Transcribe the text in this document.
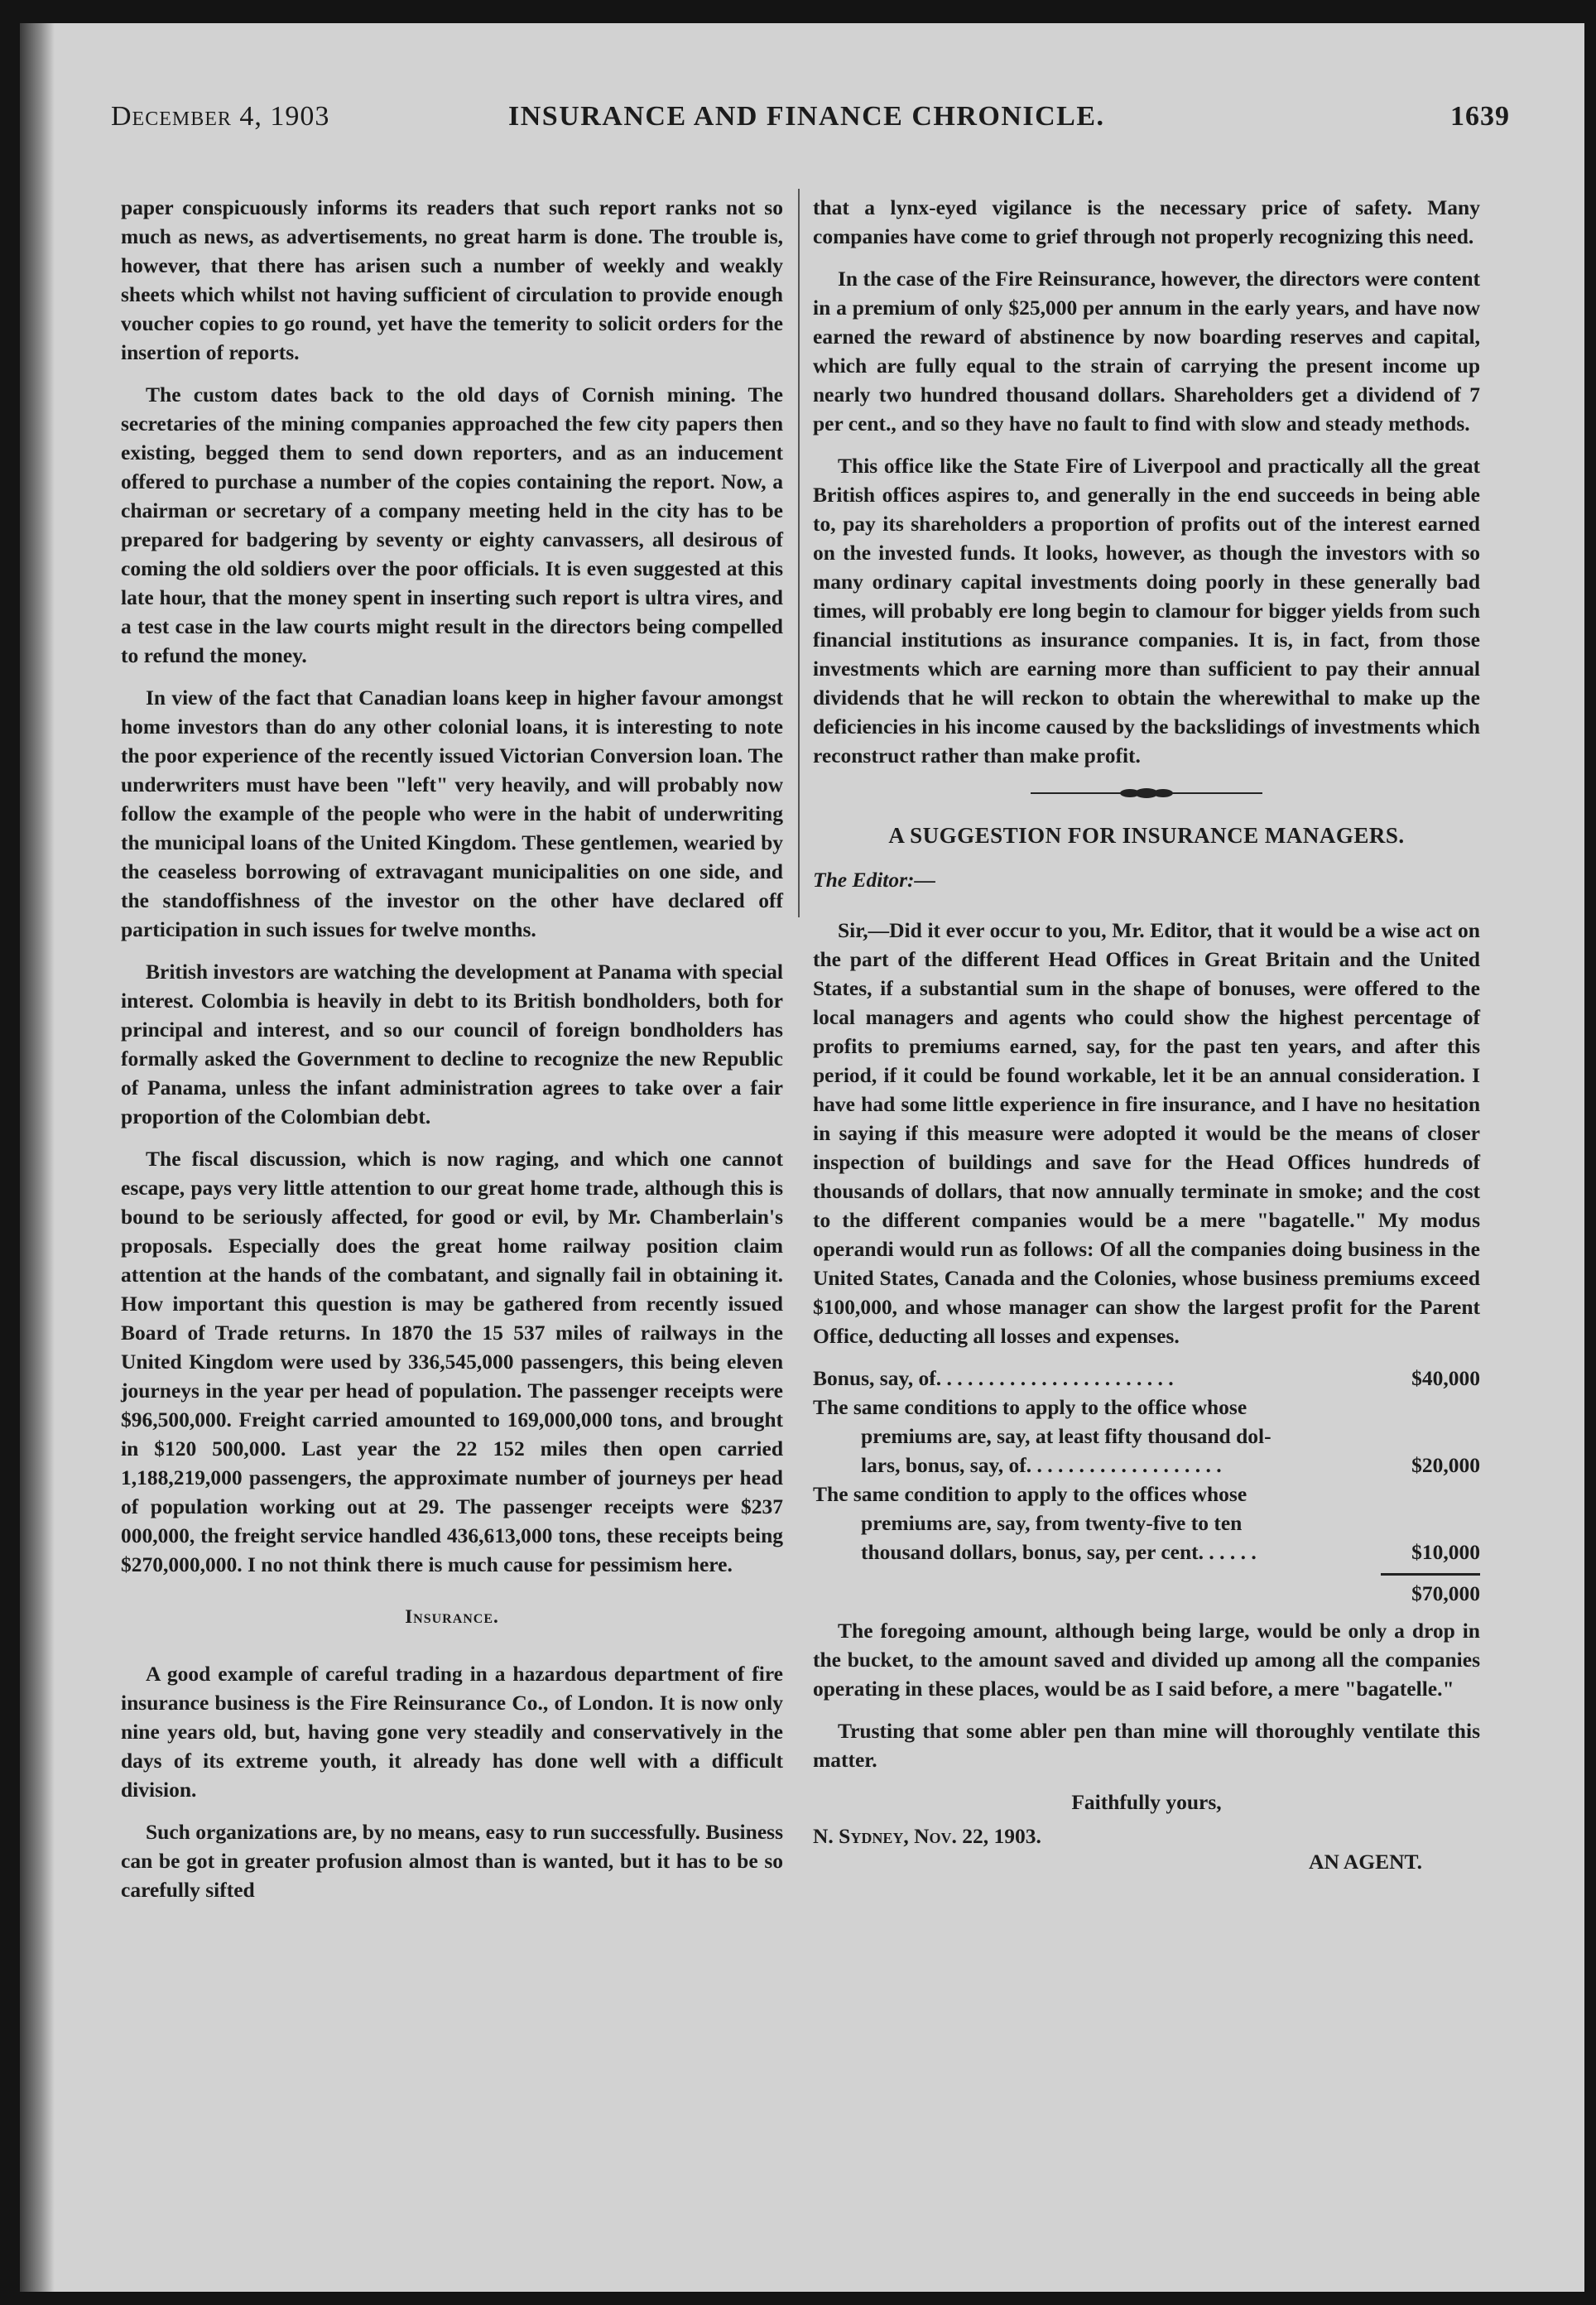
December 4, 1903	INSURANCE AND FINANCE CHRONICLE.	1639

paper conspicuously informs its readers that such report ranks not so much as news, as advertisements, no great harm is done. The trouble is, however, that there has arisen such a number of weekly and weakly sheets which whilst not having sufficient of circulation to provide enough voucher copies to go round, yet have the temerity to solicit orders for the insertion of reports.

The custom dates back to the old days of Cornish mining. The secretaries of the mining companies approached the few city papers then existing, begged them to send down reporters, and as an inducement offered to purchase a number of the copies containing the report. Now, a chairman or secretary of a company meeting held in the city has to be prepared for badgering by seventy or eighty canvassers, all desirous of coming the old soldiers over the poor officials. It is even suggested at this late hour, that the money spent in inserting such report is ultra vires, and a test case in the law courts might result in the directors being compelled to refund the money.

In view of the fact that Canadian loans keep in higher favour amongst home investors than do any other colonial loans, it is interesting to note the poor experience of the recently issued Victorian Conversion loan. The underwriters must have been "left" very heavily, and will probably now follow the example of the people who were in the habit of underwriting the municipal loans of the United Kingdom. These gentlemen, wearied by the ceaseless borrowing of extravagant municipalities on one side, and the standoffishness of the investor on the other have declared off participation in such issues for twelve months.

British investors are watching the development at Panama with special interest. Colombia is heavily in debt to its British bondholders, both for principal and interest, and so our council of foreign bondholders has formally asked the Government to decline to recognize the new Republic of Panama, unless the infant administration agrees to take over a fair proportion of the Colombian debt.

The fiscal discussion, which is now raging, and which one cannot escape, pays very little attention to our great home trade, although this is bound to be seriously affected, for good or evil, by Mr. Chamberlain's proposals. Especially does the great home railway position claim attention at the hands of the combatant, and signally fail in obtaining it. How important this question is may be gathered from recently issued Board of Trade returns. In 1870 the 15 537 miles of railways in the United Kingdom were used by 336,545,000 passengers, this being eleven journeys in the year per head of population. The passenger receipts were $96,500,000. Freight carried amounted to 169,000,000 tons, and brought in $120 500,000. Last year the 22 152 miles then open carried 1,188,219,000 passengers, the approximate number of journeys per head of population working out at 29. The passenger receipts were $237 000,000, the freight service handled 436,613,000 tons, these receipts being $270,000,000. I no not think there is much cause for pessimism here.

Insurance.

A good example of careful trading in a hazardous department of fire insurance business is the Fire Reinsurance Co., of London. It is now only nine years old, but, having gone very steadily and conservatively in the days of its extreme youth, it already has done well with a difficult division.

Such organizations are, by no means, easy to run successfully. Business can be got in greater profusion almost than is wanted, but it has to be so carefully sifted

that a lynx-eyed vigilance is the necessary price of safety. Many companies have come to grief through not properly recognizing this need.

In the case of the Fire Reinsurance, however, the directors were content in a premium of only $25,000 per annum in the early years, and have now earned the reward of abstinence by now boarding reserves and capital, which are fully equal to the strain of carrying the present income up nearly two hundred thousand dollars. Shareholders get a dividend of 7 per cent., and so they have no fault to find with slow and steady methods.

This office like the State Fire of Liverpool and practically all the great British offices aspires to, and generally in the end succeeds in being able to, pay its shareholders a proportion of profits out of the interest earned on the invested funds. It looks, however, as though the investors with so many ordinary capital investments doing poorly in these generally bad times, will probably ere long begin to clamour for bigger yields from such financial institutions as insurance companies. It is, in fact, from those investments which are earning more than sufficient to pay their annual dividends that he will reckon to obtain the wherewithal to make up the deficiencies in his income caused by the backslidings of investments which reconstruct rather than make profit.

A SUGGESTION FOR INSURANCE MANAGERS.
The Editor:—

Sir,—Did it ever occur to you, Mr. Editor, that it would be a wise act on the part of the different Head Offices in Great Britain and the United States, if a substantial sum in the shape of bonuses, were offered to the local managers and agents who could show the highest percentage of profits to premiums earned, say, for the past ten years, and after this period, if it could be found workable, let it be an annual consideration. I have had some little experience in fire insurance, and I have no hesitation in saying if this measure were adopted it would be the means of closer inspection of buildings and save for the Head Offices hundreds of thousands of dollars, that now annually terminate in smoke; and the cost to the different companies would be a mere "bagatelle." My modus operandi would run as follows: Of all the companies doing business in the United States, Canada and the Colonies, whose business premiums exceed $100,000, and whose manager can show the largest profit for the Parent Office, deducting all losses and expenses.

Bonus, say, of. . . . . . . . . . . . . . . . . . . . . . .	$40,000
The same conditions to apply to the office whose
premiums are, say, at least fifty thousand dol-
lars, bonus, say, of. . . . . . . . . . . . . . . . . . .	$20,000
The same condition to apply to the offices whose
premiums are, say, from twenty-five to ten
thousand dollars, bonus, say, per cent. . . . . .	$10,000
$70,000

The foregoing amount, although being large, would be only a drop in the bucket, to the amount saved and divided up among all the companies operating in these places, would be as I said before, a mere "bagatelle."

Trusting that some abler pen than mine will thoroughly ventilate this matter.

Faithfully yours,
N. Sydney, Nov. 22, 1903.
AN AGENT.
